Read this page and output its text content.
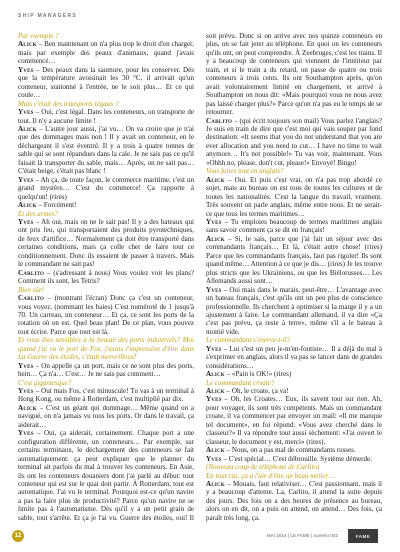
SHIP MANAGERS

Par exemple ?

Alick – Ben maintenant on n'a plus trop le droit d'en charger, mais par exemple des peaux d'animaux, quand j'avais commencé…

Yves – Des peaux dans la saumure, pour les conserver. Dès que la température avoisinait les 30 °C, il arrivait qu'un conteneur, stationné à l'entrée, ne le soit plus… Et ce qui coule…

Mais c'était des transports légaux ?

Yves – Oui, c'est légal. Dans les conteneurs, on transporte de tout. Il n'y a aucune limite !

Alick – L'autre jour aussi, j'ai vu… On va croire que je n'ai que des dommages mais non ! Il y avait un conteneur, en le déchargeant il s'est éventré. Il y a trois à quatre tonnes de sable qui se sont répandues dans la cale. Je ne sais pas ce qu'il faisait là transporter du sable, mais… Après, on ne sait pas… C'était beige, c'était pas blanc !

Yves – Ah ça, de toute façon, le commerce maritime, c'est un grand mystère… C'est du commerce! Ça rapporte à quelqu'un! (rires)

Alick – Forcément!

Et des armes?

Yves – Ah oui, mais on ne le sait pas! Il y a des bateaux qui ont pris feu, qui transportaient des produits pyrotechniques, de feux d'artifice… Normalement ça doit être transporté dans certaines conditions, mais ça colle cher de faire tout ce conditionnement. Donc ils essaient de passer à travers. Mais le commandant ne sait pas!

Carlito – (s'adressant à nous) Vous voulez voir les plans? Comment ils sont, les Tetris?

Bien sûr!

Carlito – (montrant l'écran) Donc ça c'est un conteneur, vous voyez. (nommant les baies) C'est numéroté de 1 jusqu'à 70. Un carreau, un conteneur… Et ça, ce sont les ports de la rotation où on est. Quel beau plan! De ce plan, vous pouvez tout écrire. Parce que tout est là.

Et vous êtes sensibles à la beauté des ports industriels? Moi quand j'ai vu le port de Fos, j'avais l'impression d'être dans La Guerre des étoiles, c'était merveilleux!

Yves – On appelle ça un port, mais ce ne sont plus des ports, hein… Ça n'a… C'est… Je ne sais pas comment…

C'est gigantesque?

Yves – Oui mais Fos, c'est minuscule! Tu vas à un terminal à Hong Kong, ou même à Rotterdam, c'est multiplié par dix.

Alick – C'est un géant qui dommage… Même quand on a navigué, on n'a jamais vu tous les ports. Or dans le travail, ça aiderait…

Yves – Oui, ça aiderait, certainement. Chaque port a une configuration différente, un conteneurs… Par exemple, sur certains terminaux, le déchargement des conteneurs se fait automatiquement: ça peut expliquer que le planner du terminal ait parfois du mal à trouver les conteneurs. En Asie, ils ont les conteneurs douaniers dont j'ai parlé au début: tout conteneur qui est sur le quai doit partir. À Rotterdam, tout est automatique. J'ai vu le terminal. Pourquoi est-ce qu'un navire a pas la faire plus de productivité? Parce qu'un navire ne se limite pas à l'automatisme. Dès qu'il y a un petit grain de sable, tout s'arrête. Et ça je l'ai vu. Guerre des étoiles, oui! Il

soit prévu. Donc si on arrive avec nos quinze conteneurs en plus, on se fait jeter au téléphone. En quoi on les conteneurs qu'ils ont, on peut comprendre. À Zeebruges, c'est les trains. Il y a beaucoup de conteneurs qui viennent de l'intérieur par train, et si le train a du retard, on passe de quatre ou trois conteneurs à trois cents. Ils ont Southampton après, qu'on avait volontairement limité en chargement, et arrivé à Southampton on nous dit: «Mais pourquoi vous ne nous avez pas laissé charger plus?» Parce qu'on n'a pas eu le temps de se retourner.

Carlito – (qui écrit toujours son mail) Vous parlez l'anglais? Je suis en train de dire que c'est moi qui vais souper par fond destination: «It seems that you do not understand that you are ever allocation and you need to cut… I have no time to wait anymore… It's not possible!» Tu vas voir, maintenant. Vous «Ohhh no, please, don't cut, please!» Envoyé! Bingo!

Vous faites tout en anglais?

Alick – Oui. Et puis c'est vrai, on n'a pas trop abordé ce sujet, mais au bureau on est tous de toutes les cultures et de toutes les nationalités. C'est la langue du travail, vraiment. Très souvent on parle anglais, même entre nous. Et ne serait-ce que tous les termes maritimes…

Yves – Tu emploies beaucoup de termes maritimes anglais sans savoir comment ça se dit en français!

Alick – Si, le sais, parce que j'ai fait un séjour avec des commandants français… Et là, c'était autre chose! (rires) Parce que les commandants français, faut pas rigoler! Ils sont quand même… Attention à ce que je dis… (rires) Je les trouve plus stricts que les Ukrainiens, ou que les Biélorusses… Les Allemands aussi sont…

Yves – Oui mais dans le marais, peut-être… L'avantage avec un bateau français, c'est qu'ils ont un peu plus de conscience professionnelle. Ils cherchent à optimiser si la marge il y a un ajustement à faire. Le commandant allemand, il va dire «Ça c'est pas prévu, ça reste à terre», même s'il a le bateau à moitié vide.

Le commandant s'énerve-t-il?

Yves – Lui c'est un peu je-m'en-foutiste… Il a déjà du mal à s'exprimer en anglais, alors il va pas se lancer dans de grandes considérations…

Alick – «Pain is OK!» (rires)

Le commandant croate?

Alick – Oh, le croate, ça va!

Yves – Oh, les Croates… Eux, ils savent tout sur rien. Ah, pour voyager, ils sont très compétents. Mais un commandant croate, il va commencer par envoyer un mail: «Il me manque tel document», en foi répond: «Vous avez cherché dans le classeur?» Il va répondre tout aussi sèchement: «J'ai ouvert le classeur, le document y est, merci» (rires).

Alick – Nous, on a pas mal de commandants russes.

Yves – C'est spécial… C'est débrouille. Système démerde.

(Nouveau coup de téléphone de Carlito)

En tout cas, ça a l'air d'être un beau métier…

Alick – Mouais, faut relativiser… C'est passionnant, mais il y a beaucoup d'attente. La, Carlito, il attend la suite depuis des jours. Des fois on a des heures de présence au bureau, alors on en dit, on a puis on attend, on attend… Des fois, ça paraît très long, ça.

12	MAI 2014 | LE FAME | numéro 002	FAME
